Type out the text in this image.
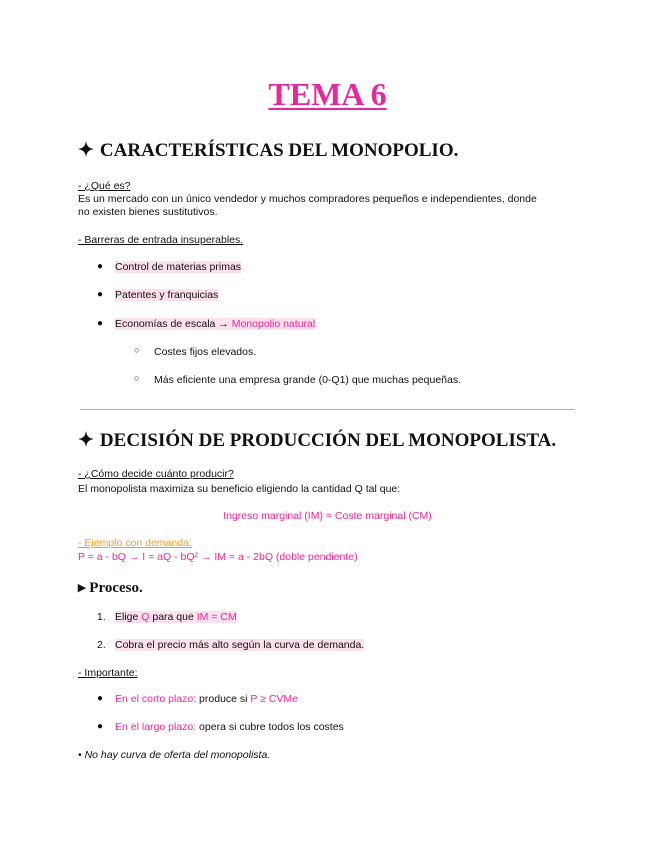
TEMA 6
✦ CARACTERÍSTICAS DEL MONOPOLIO.
- ¿Qué es?
Es un mercado con un único vendedor y muchos compradores pequeños e independientes, donde
no existen bienes sustitutivos.
- Barreras de entrada insuperables.
● Control de materias primas
● Patentes y franquicias
● Economías de escala → Monopolio natural
○ Costes fijos elevados.
○ Más eficiente una empresa grande (0-Q1) que muchas pequeñas.
✦ DECISIÓN DE PRODUCCIÓN DEL MONOPOLISTA.
- ¿Cómo decide cuánto producir?
El monopolista maximiza su beneficio eligiendo la cantidad Q tal que:
Ingreso marginal (IM) = Coste marginal (CM)
- Ejemplo con demanda:
P = a - bQ → I = aQ - bQ² → IM = a - 2bQ (doble pendiente)
▸ Proceso.
1. Elige Q para que IM = CM
2. Cobra el precio más alto según la curva de demanda.
- Importante:
● En el corto plazo: produce si P ≥ CVMe
● En el largo plazo: opera si cubre todos los costes
• No hay curva de oferta del monopolista.
